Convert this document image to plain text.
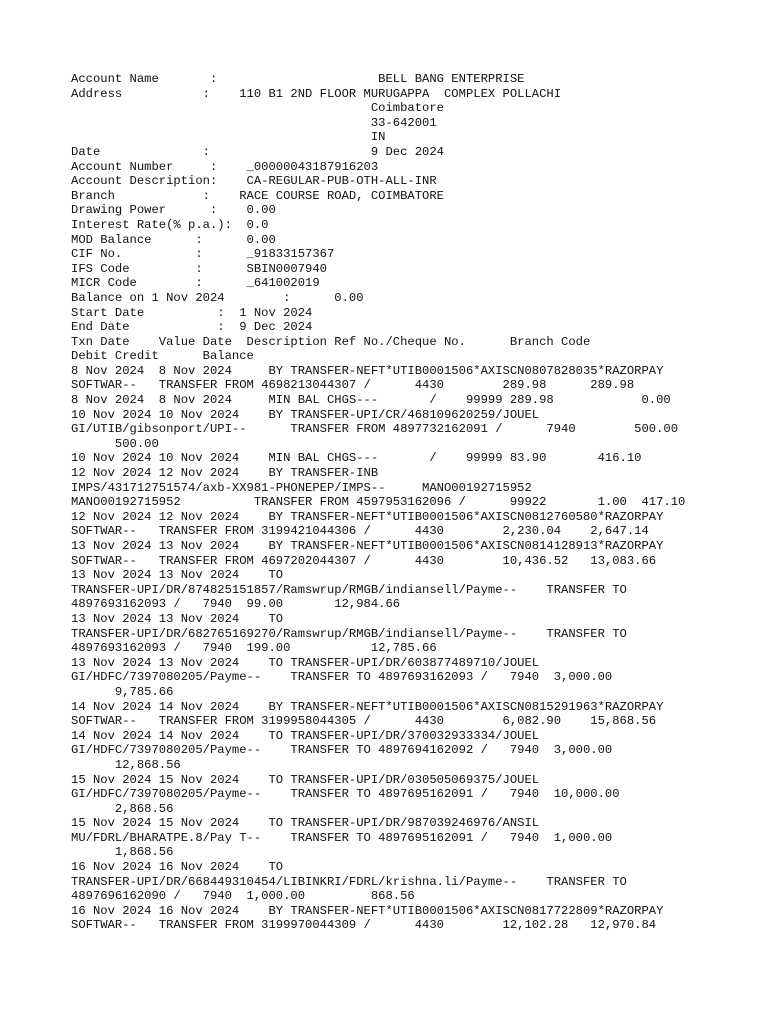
Account Name       :                      BELL BANG ENTERPRISE
Address           :    110 B1 2ND FLOOR MURUGAPPA  COMPLEX POLLACHI
Coimbatore
33-642001
IN
Date              :                      9 Dec 2024
Account Number     :    _00000043187916203
Account Description:    CA-REGULAR-PUB-OTH-ALL-INR
Branch            :    RACE COURSE ROAD, COIMBATORE
Drawing Power      :    0.00
Interest Rate(% p.a.):  0.0
MOD Balance      :      0.00
CIF No.          :      _91833157367
IFS Code         :      SBIN0007940
MICR Code        :      _641002019
Balance on 1 Nov 2024        :      0.00
Start Date          :  1 Nov 2024
End Date            :  9 Dec 2024
Txn Date    Value Date  Description Ref No./Cheque No.      Branch Code
Debit Credit      Balance
8 Nov 2024  8 Nov 2024     BY TRANSFER-NEFT*UTIB0001506*AXISCN0807828035*RAZORPAY
SOFTWAR--   TRANSFER FROM 4698213044307 /      4430        289.98      289.98
8 Nov 2024  8 Nov 2024     MIN BAL CHGS---       /    99999 289.98            0.00
10 Nov 2024 10 Nov 2024    BY TRANSFER-UPI/CR/468109620259/JOUEL
GI/UTIB/gibsonport/UPI--      TRANSFER FROM 4897732162091 /      7940        500.00
500.00
10 Nov 2024 10 Nov 2024    MIN BAL CHGS---       /    99999 83.90       416.10
12 Nov 2024 12 Nov 2024    BY TRANSFER-INB
IMPS/431712751574/axb-XX981-PHONEPEP/IMPS--     MANO00192715952
MANO00192715952          TRANSFER FROM 4597953162096 /      99922       1.00  417.10
12 Nov 2024 12 Nov 2024    BY TRANSFER-NEFT*UTIB0001506*AXISCN0812760580*RAZORPAY
SOFTWAR--   TRANSFER FROM 3199421044306 /      4430        2,230.04    2,647.14
13 Nov 2024 13 Nov 2024    BY TRANSFER-NEFT*UTIB0001506*AXISCN0814128913*RAZORPAY
SOFTWAR--   TRANSFER FROM 4697202044307 /      4430        10,436.52   13,083.66
13 Nov 2024 13 Nov 2024    TO
TRANSFER-UPI/DR/874825151857/Ramswrup/RMGB/indiansell/Payme--    TRANSFER TO
4897693162093 /   7940  99.00       12,984.66
13 Nov 2024 13 Nov 2024    TO
TRANSFER-UPI/DR/682765169270/Ramswrup/RMGB/indiansell/Payme--    TRANSFER TO
4897693162093 /   7940  199.00           12,785.66
13 Nov 2024 13 Nov 2024    TO TRANSFER-UPI/DR/603877489710/JOUEL
GI/HDFC/7397080205/Payme--    TRANSFER TO 4897693162093 /   7940  3,000.00
9,785.66
14 Nov 2024 14 Nov 2024    BY TRANSFER-NEFT*UTIB0001506*AXISCN0815291963*RAZORPAY
SOFTWAR--   TRANSFER FROM 3199958044305 /      4430        6,082.90    15,868.56
14 Nov 2024 14 Nov 2024    TO TRANSFER-UPI/DR/370032933334/JOUEL
GI/HDFC/7397080205/Payme--    TRANSFER TO 4897694162092 /   7940  3,000.00
12,868.56
15 Nov 2024 15 Nov 2024    TO TRANSFER-UPI/DR/030505069375/JOUEL
GI/HDFC/7397080205/Payme--    TRANSFER TO 4897695162091 /   7940  10,000.00
2,868.56
15 Nov 2024 15 Nov 2024    TO TRANSFER-UPI/DR/987039246976/ANSIL
MU/FDRL/BHARATPE.8/Pay T--    TRANSFER TO 4897695162091 /   7940  1,000.00
1,868.56
16 Nov 2024 16 Nov 2024    TO
TRANSFER-UPI/DR/668449310454/LIBINKRI/FDRL/krishna.li/Payme--    TRANSFER TO
4897696162090 /   7940  1,000.00         868.56
16 Nov 2024 16 Nov 2024    BY TRANSFER-NEFT*UTIB0001506*AXISCN0817722809*RAZORPAY
SOFTWAR--   TRANSFER FROM 3199970044309 /      4430        12,102.28   12,970.84
